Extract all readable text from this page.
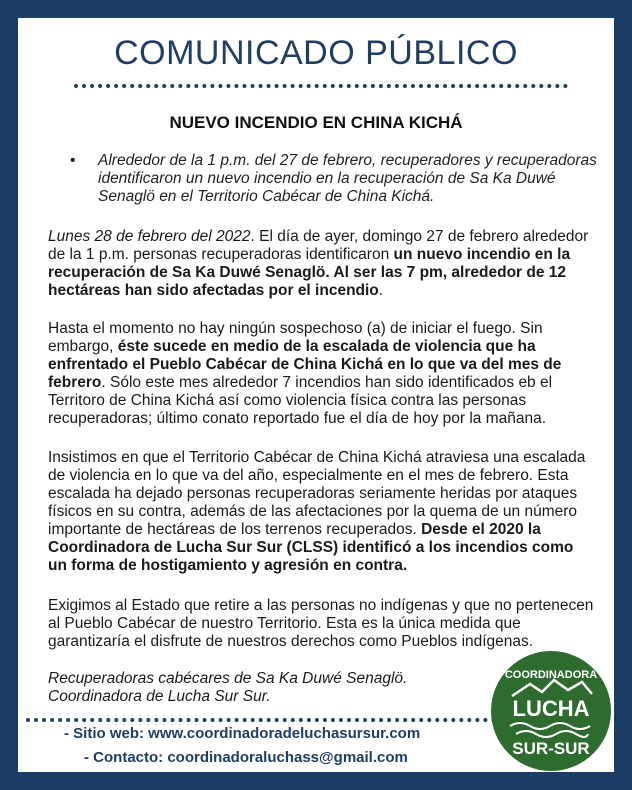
COMUNICADO PÚBLICO
NUEVO INCENDIO EN CHINA KICHÁ
• Alrededor de la 1 p.m. del 27 de febrero, recuperadores y recuperadoras identificaron un nuevo incendio en la recuperación de Sa Ka Duwé Senaglö en el Territorio Cabécar de China Kichá.
Lunes 28 de febrero del 2022. El día de ayer, domingo 27 de febrero alrededor de la 1 p.m. personas recuperadoras identificaron un nuevo incendio en la recuperación de Sa Ka Duwé Senaglö. Al ser las 7 pm, alrededor de 12 hectáreas han sido afectadas por el incendio.
Hasta el momento no hay ningún sospechoso (a) de iniciar el fuego. Sin embargo, éste sucede en medio de la escalada de violencia que ha enfrentado el Pueblo Cabécar de China Kichá en lo que va del mes de febrero. Sólo este mes alrededor 7 incendios han sido identificados eb el Territoro de China Kichá así como violencia física contra las personas recuperadoras; último conato reportado fue el día de hoy por la mañana.
Insistimos en que el Territorio Cabécar de China Kichá atraviesa una escalada de violencia en lo que va del año, especialmente en el mes de febrero. Esta escalada ha dejado personas recuperadoras seriamente heridas por ataques físicos en su contra, además de las afectaciones por la quema de un número importante de hectáreas de los terrenos recuperados. Desde el 2020 la Coordinadora de Lucha Sur Sur (CLSS) identificó a los incendios como un forma de hostigamiento y agresión en contra.
Exigimos al Estado que retire a las personas no indígenas y que no pertenecen al Pueblo Cabécar de nuestro Territorio. Esta es la única medida que garantizaría el disfrute de nuestros derechos como Pueblos indígenas.
Recuperadoras cabécares de Sa Ka Duwé Senaglö.
Coordinadora de Lucha Sur Sur.
- Sitio web: www.coordinadoradeluchasursur.com
- Contacto: coordinadoraluchass@gmail.com
COORDINADORA
LUCHA
SUR-SUR
